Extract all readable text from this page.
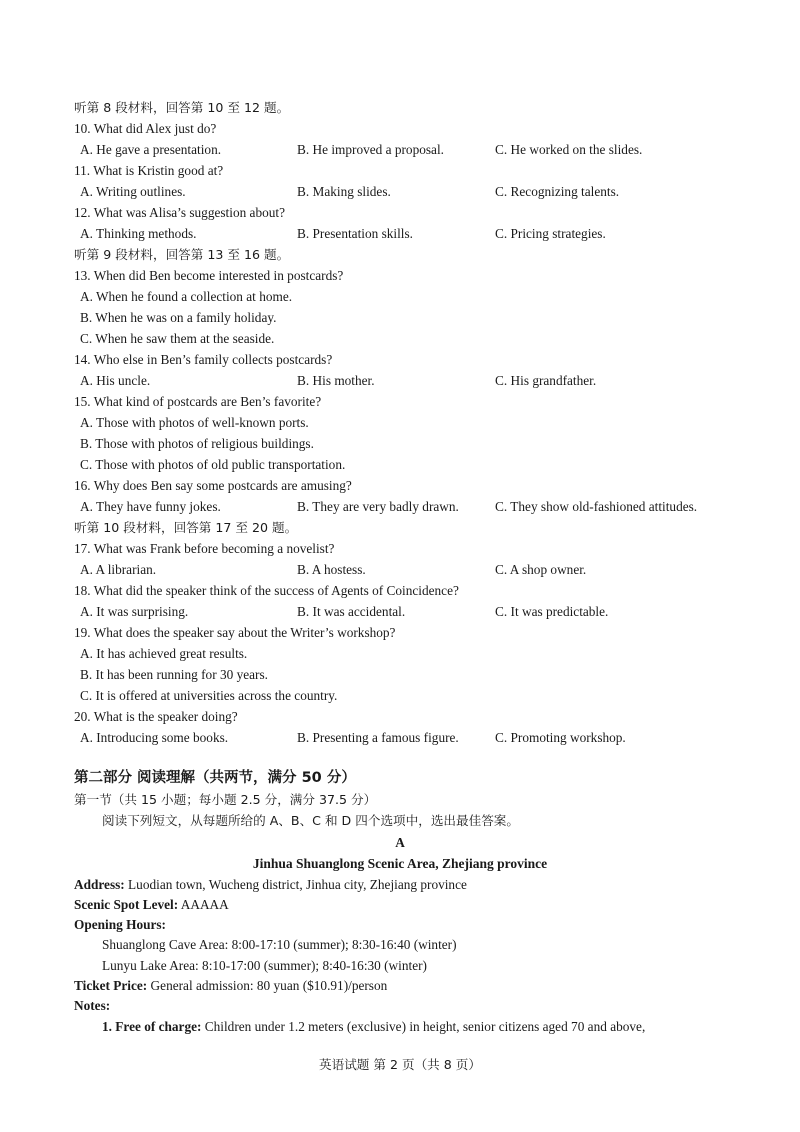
听第 8 段材料，回答第 10 至 12 题。
10. What did Alex just do?
A. He gave a presentation.	B. He improved a proposal.	C. He worked on the slides.
11. What is Kristin good at?
A. Writing outlines.	B. Making slides.	C. Recognizing talents.
12. What was Alisa’s suggestion about?
A. Thinking methods.	B. Presentation skills.	C. Pricing strategies.
听第 9 段材料，回答第 13 至 16 题。
13. When did Ben become interested in postcards?
A. When he found a collection at home.
B. When he was on a family holiday.
C. When he saw them at the seaside.
14. Who else in Ben’s family collects postcards?
A. His uncle.	B. His mother.	C. His grandfather.
15. What kind of postcards are Ben’s favorite?
A. Those with photos of well-known ports.
B. Those with photos of religious buildings.
C. Those with photos of old public transportation.
16. Why does Ben say some postcards are amusing?
A. They have funny jokes.	B. They are very badly drawn.	C. They show old-fashioned attitudes.
听第 10 段材料，回答第 17 至 20 题。
17. What was Frank before becoming a novelist?
A. A librarian.	B. A hostess.	C. A shop owner.
18. What did the speaker think of the success of Agents of Coincidence?
A. It was surprising.	B. It was accidental.	C. It was predictable.
19. What does the speaker say about the Writer’s workshop?
A. It has achieved great results.
B. It has been running for 30 years.
C. It is offered at universities across the country.
20. What is the speaker doing?
A. Introducing some books.	B. Presenting a famous figure.	C. Promoting workshop.
第二部分 阅读理解（共两节，满分 50 分）
第一节（共 15 小题；每小题 2.5 分，满分 37.5 分）
阅读下列短文，从每题所给的 A、B、C 和 D 四个选项中，选出最佳答案。
A
Jinhua Shuanglong Scenic Area, Zhejiang province
Address: Luodian town, Wucheng district, Jinhua city, Zhejiang province
Scenic Spot Level: AAAAA
Opening Hours:
Shuanglong Cave Area: 8:00-17:10 (summer); 8:30-16:40 (winter)
Lunyu Lake Area: 8:10-17:00 (summer); 8:40-16:30 (winter)
Ticket Price: General admission: 80 yuan ($10.91)/person
Notes:
1. Free of charge: Children under 1.2 meters (exclusive) in height, senior citizens aged 70 and above,
英语试题 第 2 页（共 8 页）
